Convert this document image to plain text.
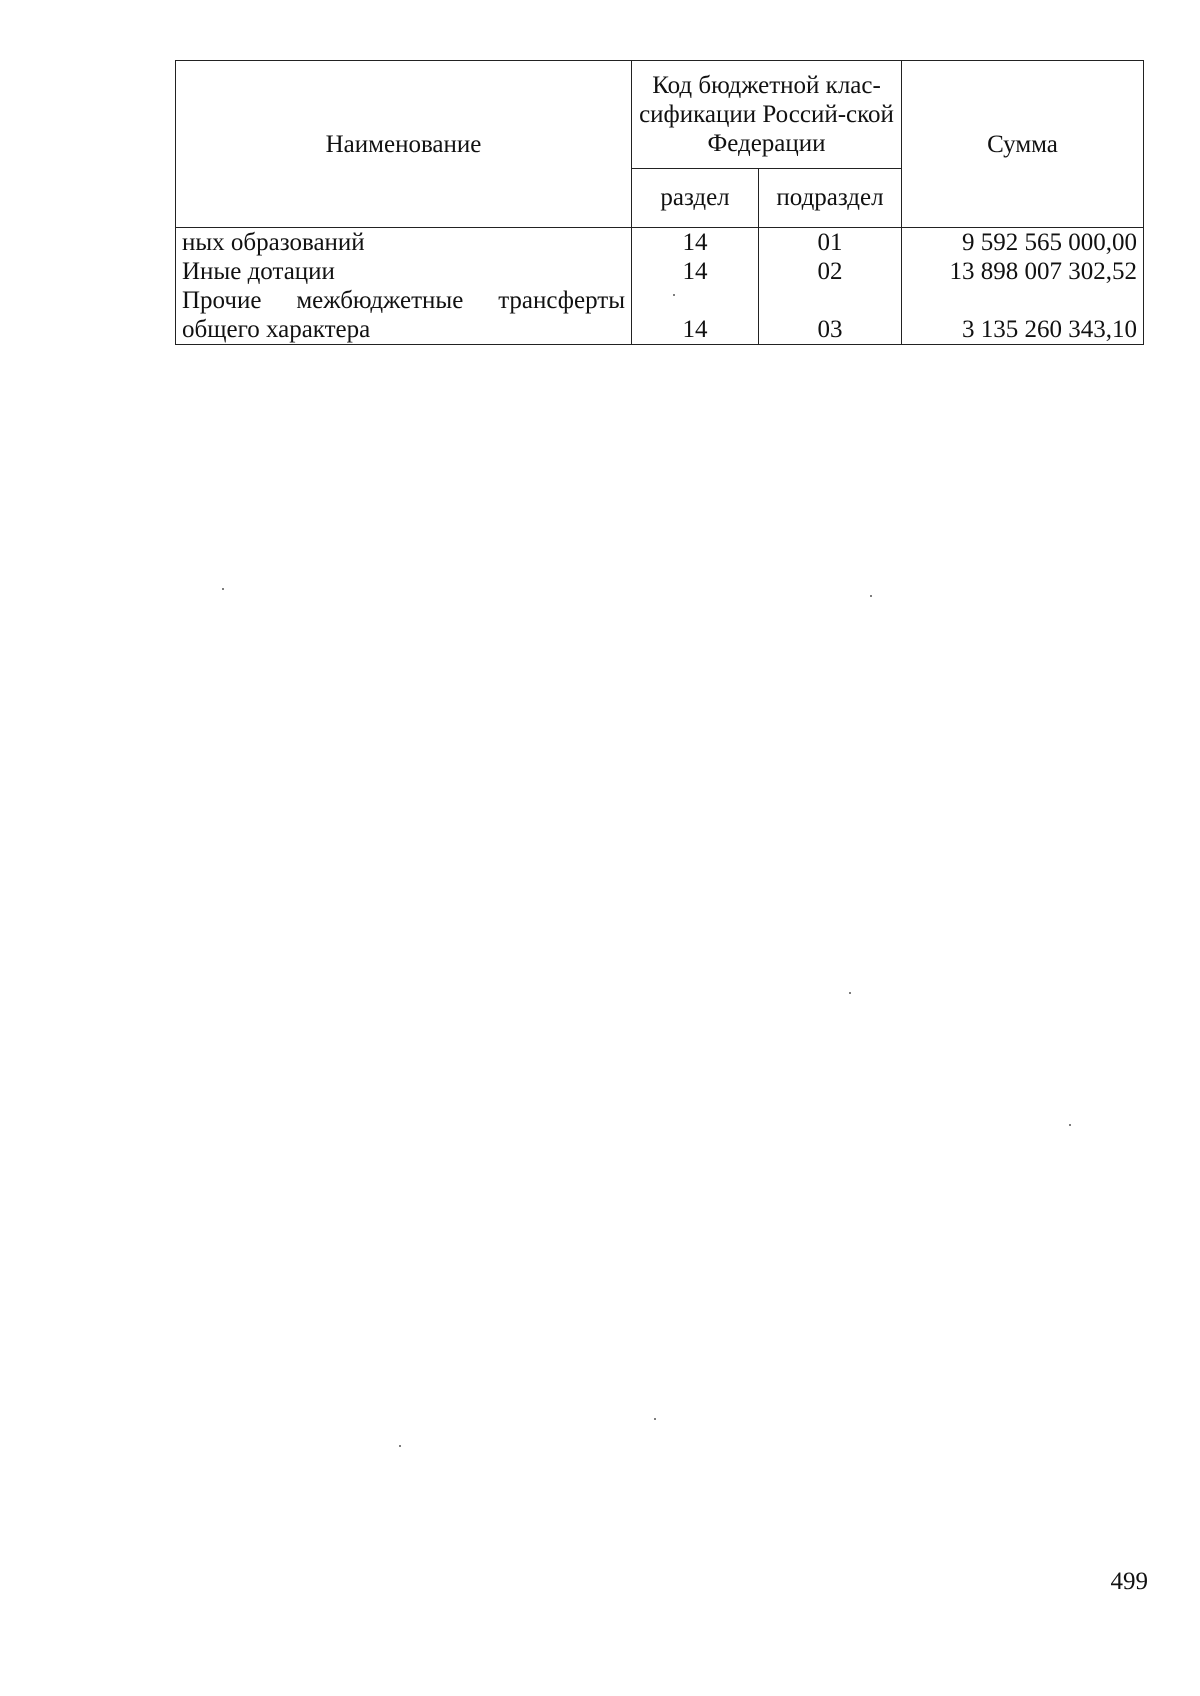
Наименование	Код бюджетной клас-сификации Россий-ской Федерации		Сумма
	раздел	подраздел	
ных образований	14	01	9 592 565 000,00
Иные дотации	14	02	13 898 007 302,52
Прочие межбюджетные трансферты общего характера	14	03	3 135 260 343,10
499
